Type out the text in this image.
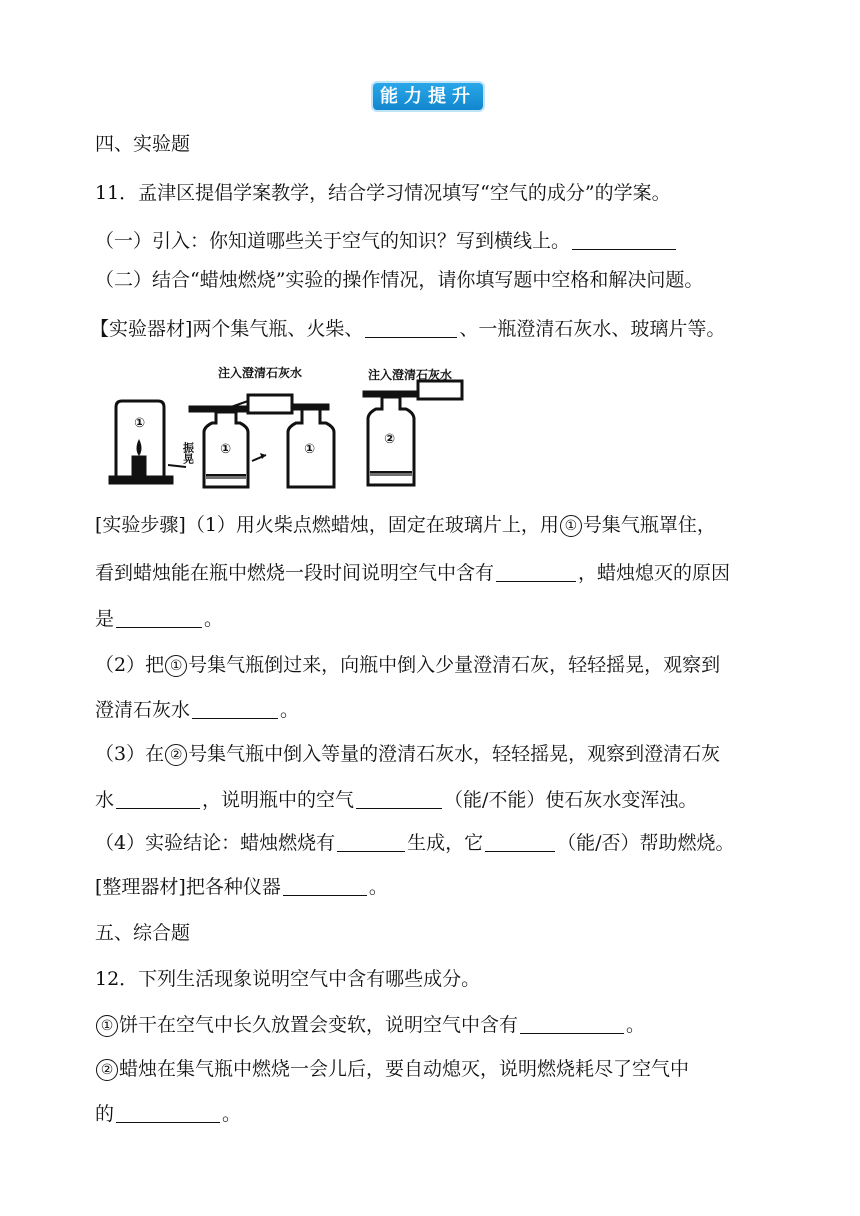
能力提升
四、实验题
11．孟津区提倡学案教学，结合学习情况填写“空气的成分”的学案。
（一）引入：你知道哪些关于空气的知识？写到横线上。
（二）结合“蜡烛燃烧”实验的操作情况，请你填写题中空格和解决问题。
【实验器材]两个集气瓶、火柴、	、一瓶澄清石灰水、玻璃片等。
注入澄清石灰水	注入澄清石灰水
振晃
①
①	①
②
[实验步骤]（1）用火柴点燃蜡烛，固定在玻璃片上，用 ① 号集气瓶罩住，
看到蜡烛能在瓶中燃烧一段时间说明空气中含有	，蜡烛熄灭的原因
是	。
（2）把 ① 号集气瓶倒过来，向瓶中倒入少量澄清石灰，轻轻摇晃，观察到
澄清石灰水	。
（3）在 ② 号集气瓶中倒入等量的澄清石灰水，轻轻摇晃，观察到澄清石灰
水	，说明瓶中的空气	（能/不能）使石灰水变浑浊。
（4）实验结论：蜡烛燃烧有	生成，它	（能/否）帮助燃烧。
[整理器材]把各种仪器	。
五、综合题
12．下列生活现象说明空气中含有哪些成分。
① 饼干在空气中长久放置会变软，说明空气中含有	。
② 蜡烛在集气瓶中燃烧一会儿后，要自动熄灭，说明燃烧耗尽了空气中
的	。
